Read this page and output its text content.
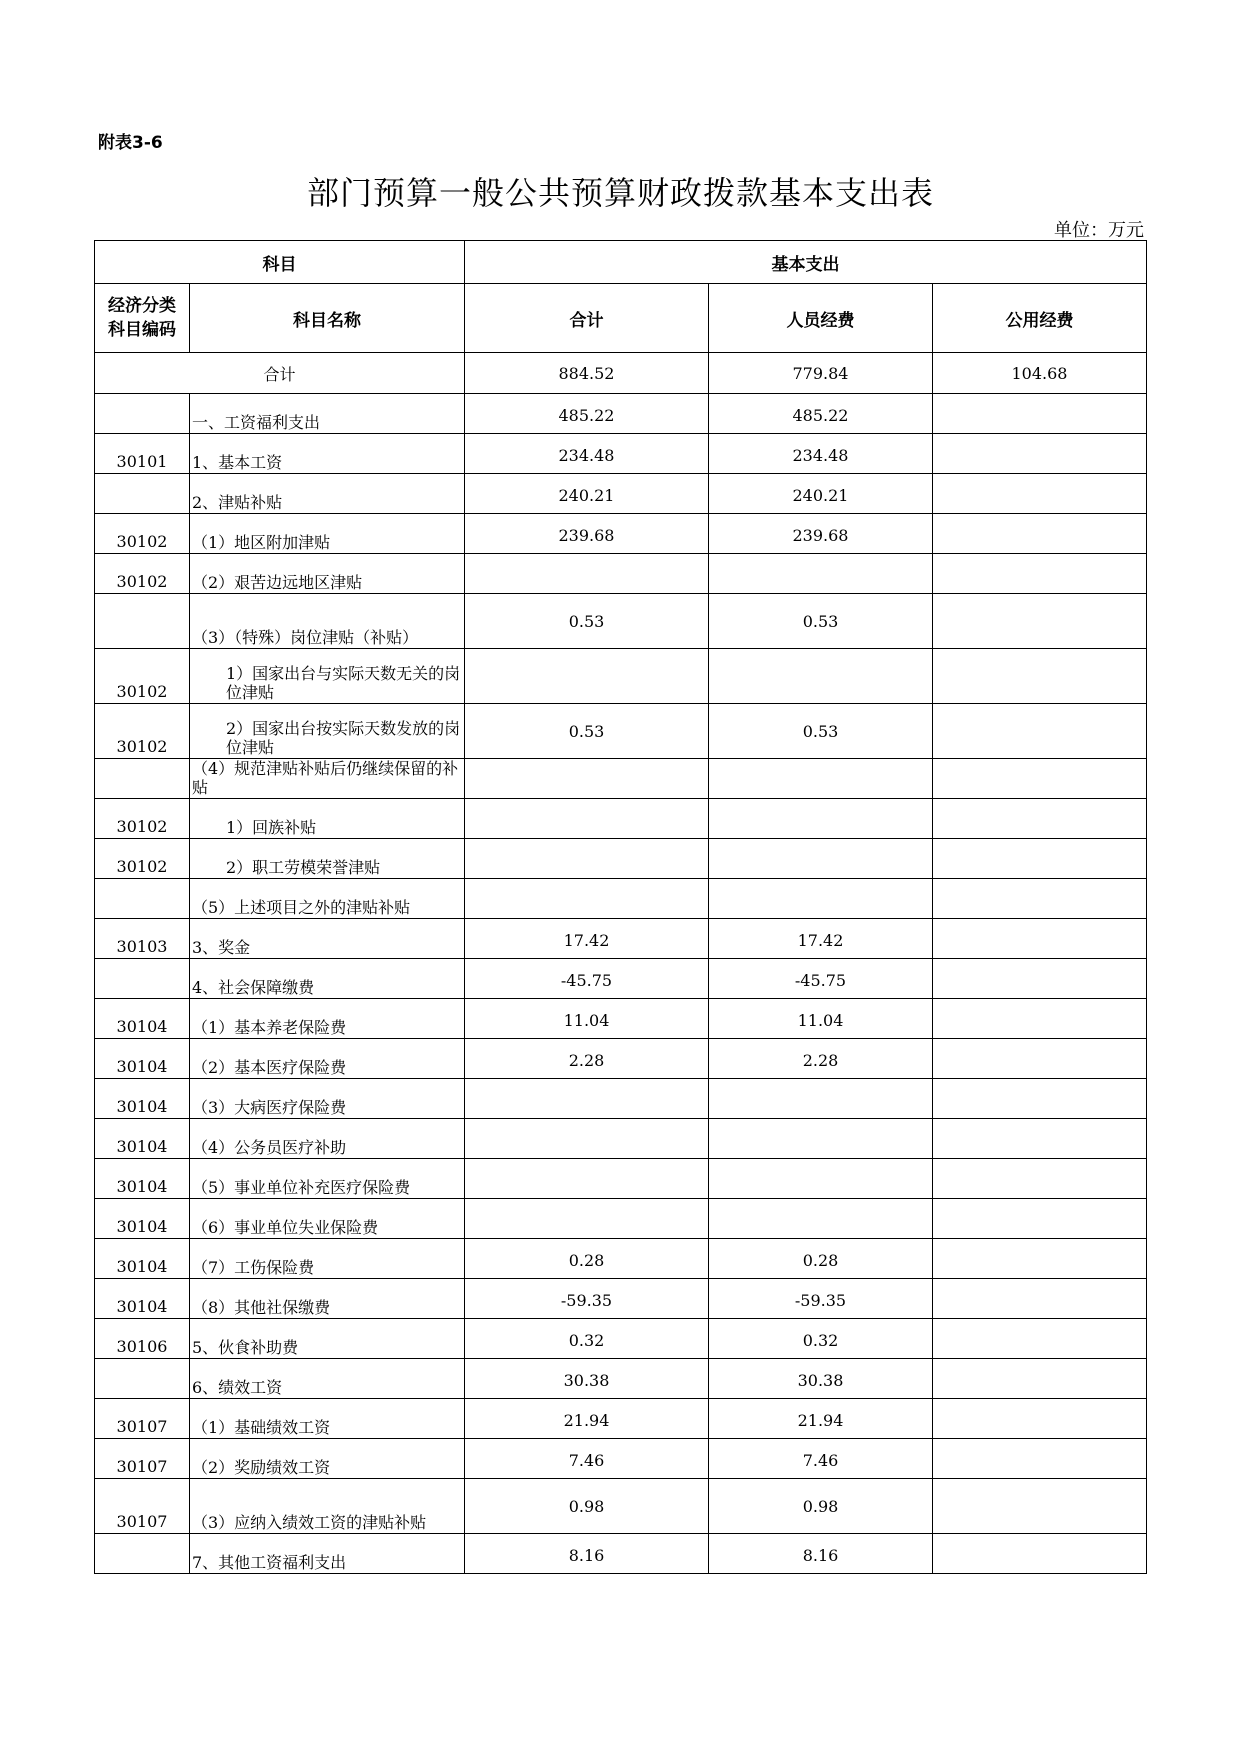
附表3-6
部门预算一般公共预算财政拨款基本支出表
单位：万元
科目		基本支出		
经济分类
科目编码	科目名称	合计	人员经费	公用经费
合计		884.52	779.84	104.68
	一、工资福利支出	485.22	485.22	
30101	1、基本工资	234.48	234.48	
	2、津贴补贴	240.21	240.21	
30102	（1）地区附加津贴	239.68	239.68	
30102	（2）艰苦边远地区津贴			
	（3）（特殊）岗位津贴（补贴）	0.53	0.53	
30102	1）国家出台与实际天数无关的岗位津贴			
30102	2）国家出台按实际天数发放的岗位津贴	0.53	0.53	
	（4）规范津贴补贴后仍继续保留的补贴			
30102	1）回族补贴			
30102	2）职工劳模荣誉津贴			
	（5）上述项目之外的津贴补贴			
30103	3、奖金	17.42	17.42	
	4、社会保障缴费	-45.75	-45.75	
30104	（1）基本养老保险费	11.04	11.04	
30104	（2）基本医疗保险费	2.28	2.28	
30104	（3）大病医疗保险费			
30104	（4）公务员医疗补助			
30104	（5）事业单位补充医疗保险费			
30104	（6）事业单位失业保险费			
30104	（7）工伤保险费	0.28	0.28	
30104	（8）其他社保缴费	-59.35	-59.35	
30106	5、伙食补助费	0.32	0.32	
	6、绩效工资	30.38	30.38	
30107	（1）基础绩效工资	21.94	21.94	
30107	（2）奖励绩效工资	7.46	7.46	
30107	（3）应纳入绩效工资的津贴补贴	0.98	0.98	
	7、其他工资福利支出	8.16	8.16	
